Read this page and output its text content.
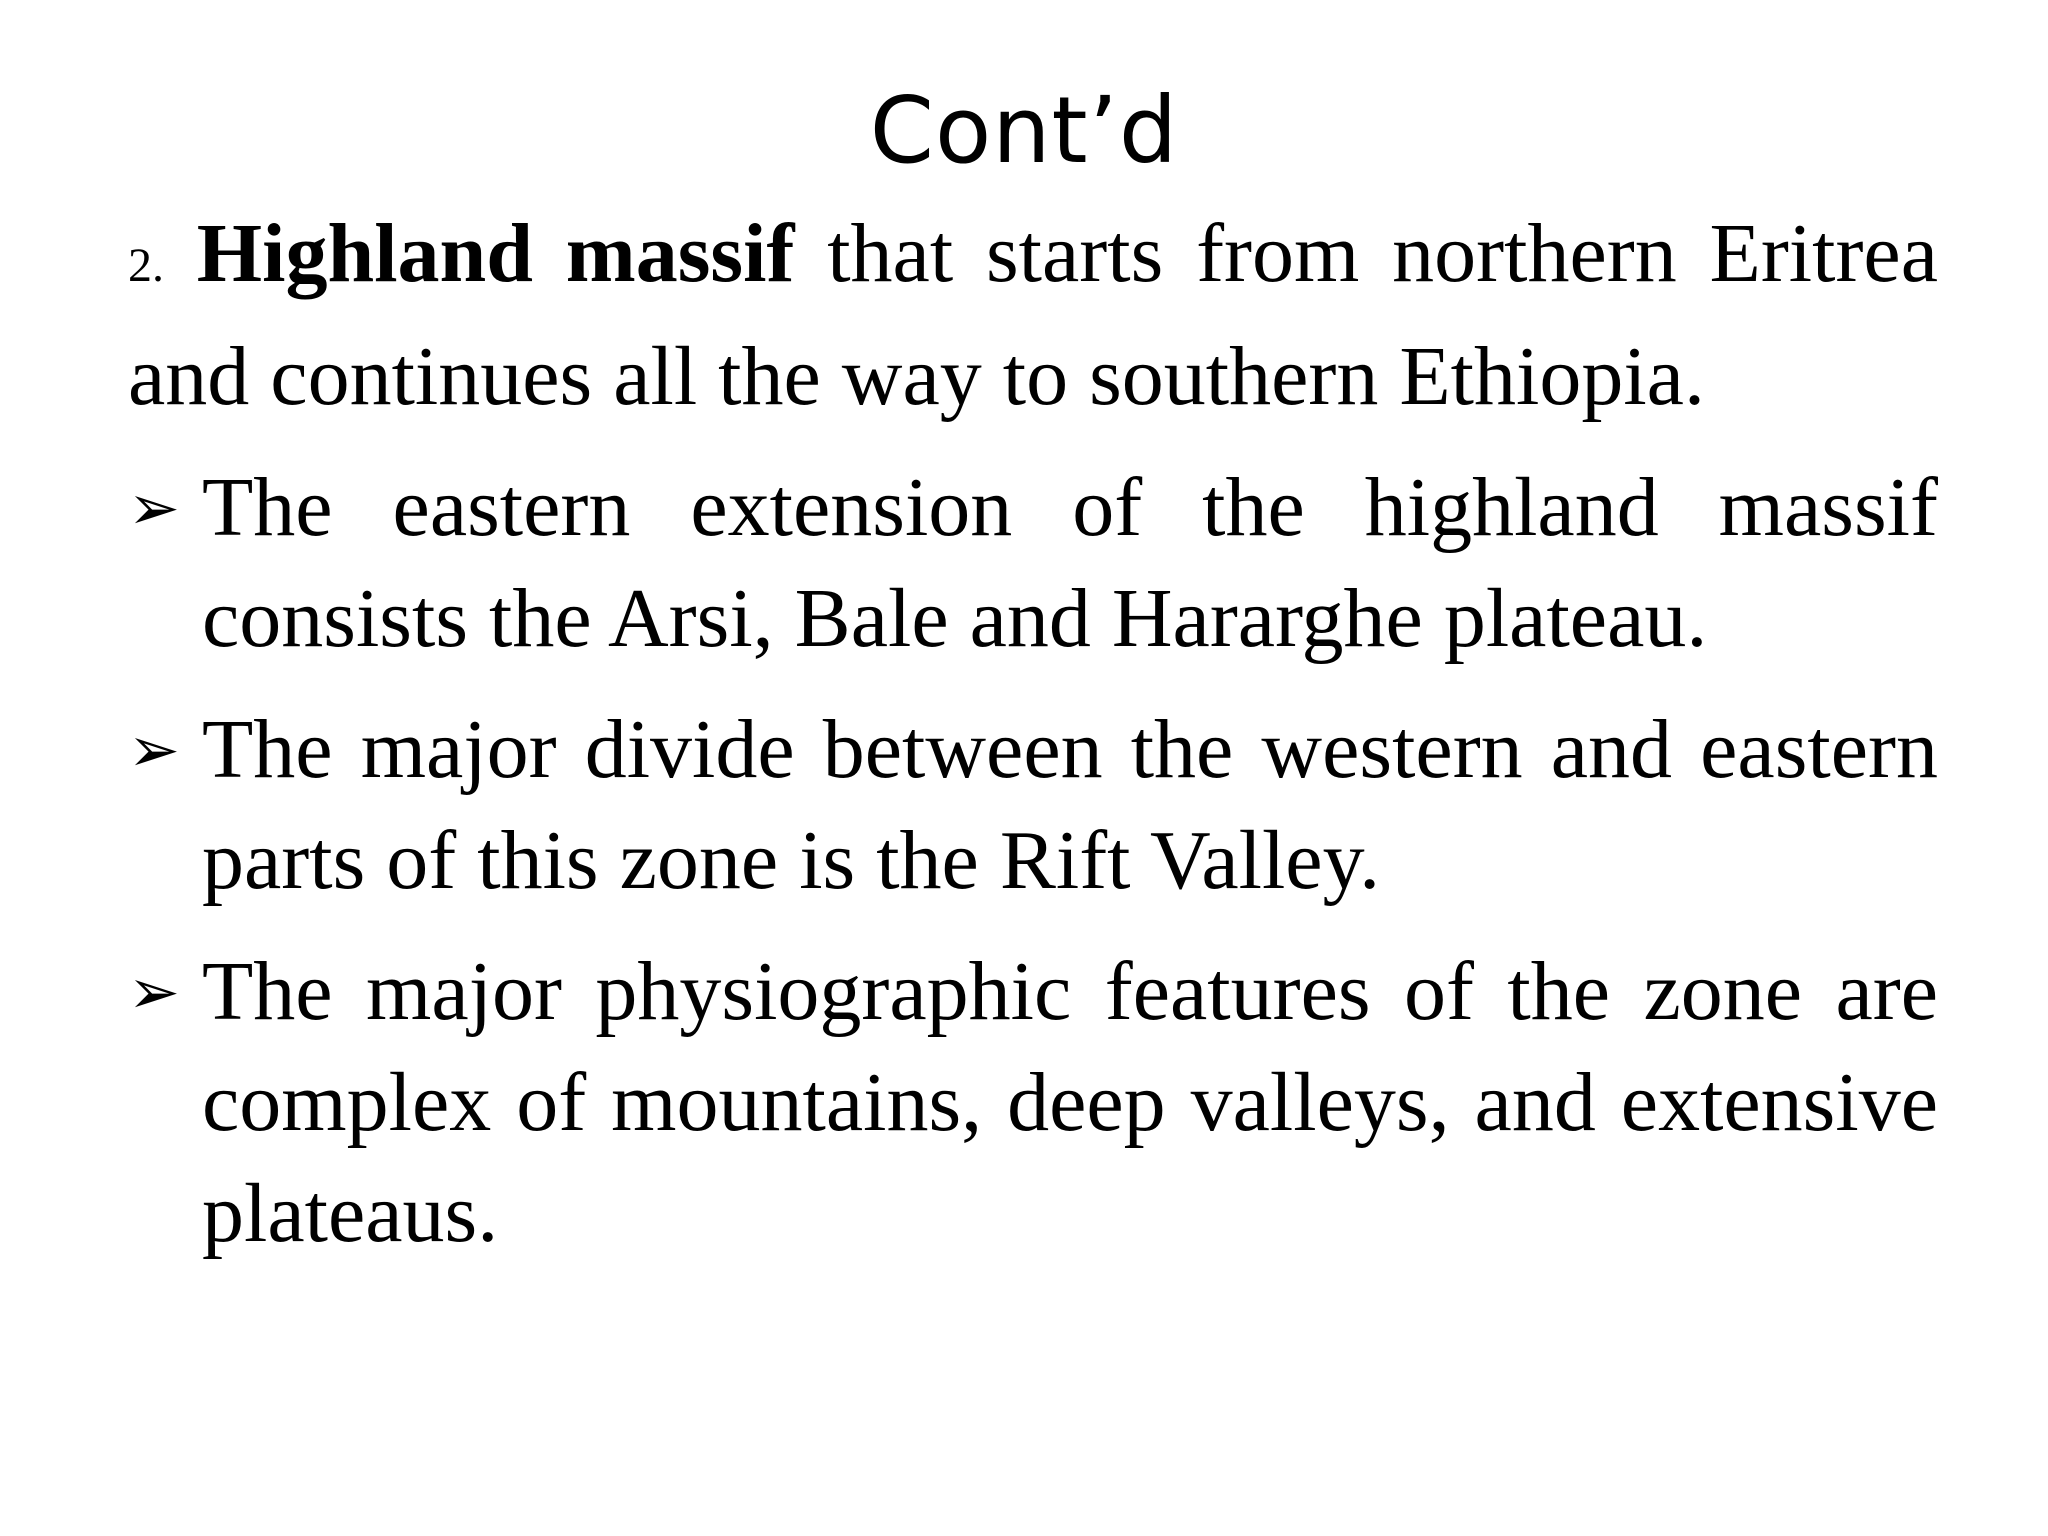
Cont’d

2. Highland massif that starts from northern Eritrea and continues all the way to southern Ethiopia.

➢ The eastern extension of the highland massif consists the Arsi, Bale and Hararghe plateau.
➢ The major divide between the western and eastern parts of this zone is the Rift Valley.
➢ The major physiographic features of the zone are complex of mountains, deep valleys, and extensive plateaus.
